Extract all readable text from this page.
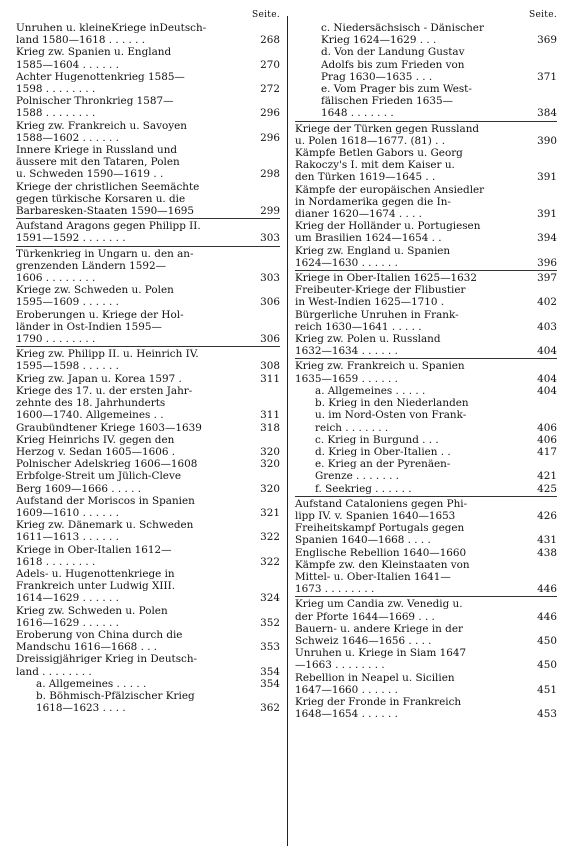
Seite.
Unruhen u. kleineKriege inDeutsch-
land 1580—1618 . . . . . .	268
Krieg zw. Spanien u. England
1585—1604 . . . . . .	270
Achter Hugenottenkrieg 1585—
1598 . . . . . . . .	272
Polnischer Thronkrieg 1587—
1588 . . . . . . . .	296
Krieg zw. Frankreich u. Savoyen
1588—1602 . . . . . .	296
Innere Kriege in Russland und
äussere mit den Tataren, Polen
u. Schweden 1590—1619 . .	298
Kriege der christlichen Seemächte
gegen türkische Korsaren u. die
Barbaresken-Staaten 1590—1695	299
Aufstand Aragons gegen Philipp II.
1591—1592 . . . . . . .	303
Türkenkrieg in Ungarn u. den an-
grenzenden Ländern 1592—
1606 . . . . . . . .	303
Kriege zw. Schweden u. Polen
1595—1609 . . . . . .	306
Eroberungen u. Kriege der Hol-
länder in Ost-Indien 1595—
1790 . . . . . . . .	306
Krieg zw. Philipp II. u. Heinrich IV.
1595—1598 . . . . . .	308
Krieg zw. Japan u. Korea 1597 .	311
Kriege des 17. u. der ersten Jahr-
zehnte des 18. Jahrhunderts
1600—1740. Allgemeines . .	311
Graubündtener Kriege 1603—1639	318
Krieg Heinrichs IV. gegen den
Herzog v. Sedan 1605—1606 .	320
Polnischer Adelskrieg 1606—1608	320
Erbfolge-Streit um Jülich-Cleve
Berg 1609—1666 . . . . .	320
Aufstand der Moriscos in Spanien
1609—1610 . . . . . .	321
Krieg zw. Dänemark u. Schweden
1611—1613 . . . . . .	322
Kriege in Ober-Italien 1612—
1618 . . . . . . . .	322
Adels- u. Hugenottenkriege in
Frankreich unter Ludwig XIII.
1614—1629 . . . . . .	324
Krieg zw. Schweden u. Polen
1616—1629 . . . . . .	352
Eroberung von China durch die
Mandschu 1616—1668 . . .	353
Dreissigjähriger Krieg in Deutsch-
land . . . . . . . .	354
a. Allgemeines . . . . .	354
b. Böhmisch-Pfälzischer Krieg
1618—1623 . . . .	362
Seite.
c. Niedersächsisch - Dänischer
Krieg 1624—1629 . . .	369
d. Von der Landung Gustav
Adolfs bis zum Frieden von
Prag 1630—1635 . . .	371
e. Vom Prager bis zum West-
fälischen Frieden 1635—
1648 . . . . . . .	384
Kriege der Türken gegen Russland
u. Polen 1618—1677. (81) . .	390
Kämpfe Betlen Gabors u. Georg
Rakoczy's I. mit dem Kaiser u.
den Türken 1619—1645 . .	391
Kämpfe der europäischen Ansiedler
in Nordamerika gegen die In-
dianer 1620—1674 . . . .	391
Krieg der Holländer u. Portugiesen
um Brasilien 1624—1654 . .	394
Krieg zw. England u. Spanien
1624—1630 . . . . . .	396
Kriege in Ober-Italien 1625—1632	397
Freibeuter-Kriege der Flibustier
in West-Indien 1625—1710 .	402
Bürgerliche Unruhen in Frank-
reich 1630—1641 . . . . .	403
Krieg zw. Polen u. Russland
1632—1634 . . . . . .	404
Krieg zw. Frankreich u. Spanien
1635—1659 . . . . . .	404
a. Allgemeines . . . . .	404
b. Krieg in den Niederlanden
u. im Nord-Osten von Frank-
reich . . . . . . .	406
c. Krieg in Burgund . . .	406
d. Krieg in Ober-Italien . .	417
e. Krieg an der Pyrenäen-
Grenze . . . . . . .	421
f. Seekrieg . . . . . .	425
Aufstand Cataloniens gegen Phi-
lipp IV. v. Spanien 1640—1653	426
Freiheitskampf Portugals gegen
Spanien 1640—1668 . . . .	431
Englische Rebellion 1640—1660	438
Kämpfe zw. den Kleinstaaten von
Mittel- u. Ober-Italien 1641—
1673 . . . . . . . .	446
Krieg um Candia zw. Venedig u.
der Pforte 1644—1669 . . .	446
Bauern- u. andere Kriege in der
Schweiz 1646—1656 . . . .	450
Unruhen u. Kriege in Siam 1647
—1663 . . . . . . . .	450
Rebellion in Neapel u. Sicilien
1647—1660 . . . . . .	451
Krieg der Fronde in Frankreich
1648—1654 . . . . . .	453
